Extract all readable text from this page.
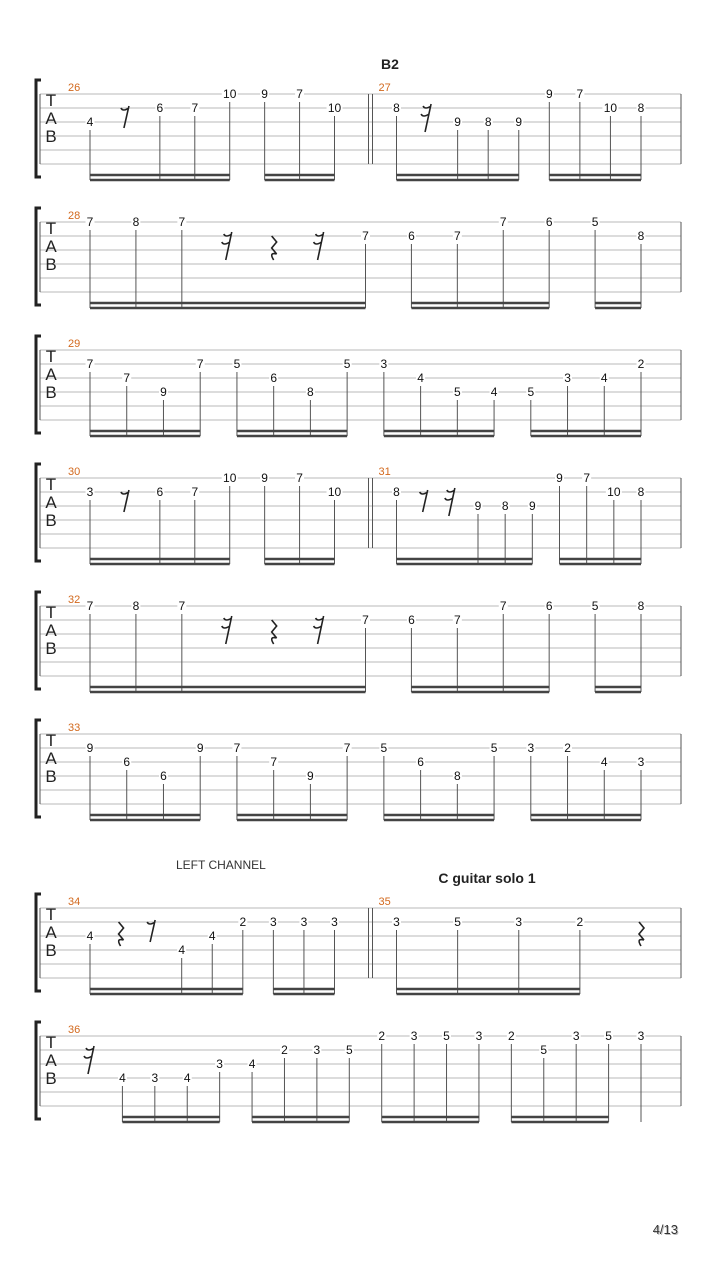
B2
C guitar solo 1
LEFT CHANNEL
T
A
B
26
4
6 7
10 9 7
10
27
8
9 8 9
9 7
10 8
T
A
B
28 7	8	7
7	6	7
7	6	5
8
T
A
B
29
7
7
9
7	5
6
8
5	3
4
5	4	5
3	4
2
T
A
B
30
3	6 7
10 9 7
10
31
8
9 8 9
9 7
10 8
T
A
B
32 7	8	7
7	6	7
7	6	5	8
T
A
B
33
9
6
6
9	7
7
9
7	5
6
8
5	3	2
4	3
T
A
B
34
4
4
4
2 3 3 3
35
3	5	3	2
T
A
B
36
4 3 4
3 4
2 3 5
2 3 5 3 2
5
3 5 3
4/13
